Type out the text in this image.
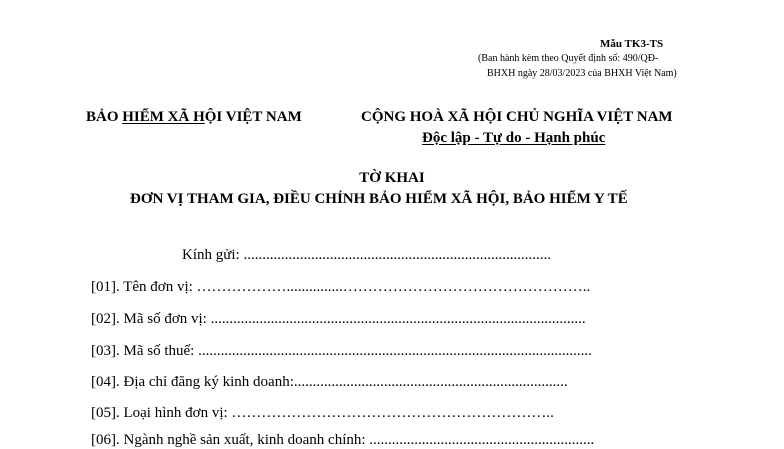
Mẫu TK3-TS
(Ban hành kèm theo Quyết định số: 490/QĐ-
BHXH ngày 28/03/2023 của BHXH Việt Nam)
BẢO HIỂM XÃ HỘI VIỆT NAM	CỘNG HOÀ XÃ HỘI CHỦ NGHĨA VIỆT NAM
Độc lập - Tự do - Hạnh phúc
TỜ KHAI
ĐƠN VỊ THAM GIA, ĐIỀU CHỈNH BẢO HIỂM XÃ HỘI, BẢO HIỂM Y TẾ
Kính gửi: ..................................................................................
[01]. Tên đơn vị: ………………...............…………………………………………..
[02]. Mã số đơn vị: ....................................................................................................
[03]. Mã số thuế: .........................................................................................................
[04]. Địa chỉ đăng ký kinh doanh:.........................................................................
[05]. Loại hình đơn vị: ………………………………………………………..
[06]. Ngành nghề sản xuất, kinh doanh chính: ............................................................
